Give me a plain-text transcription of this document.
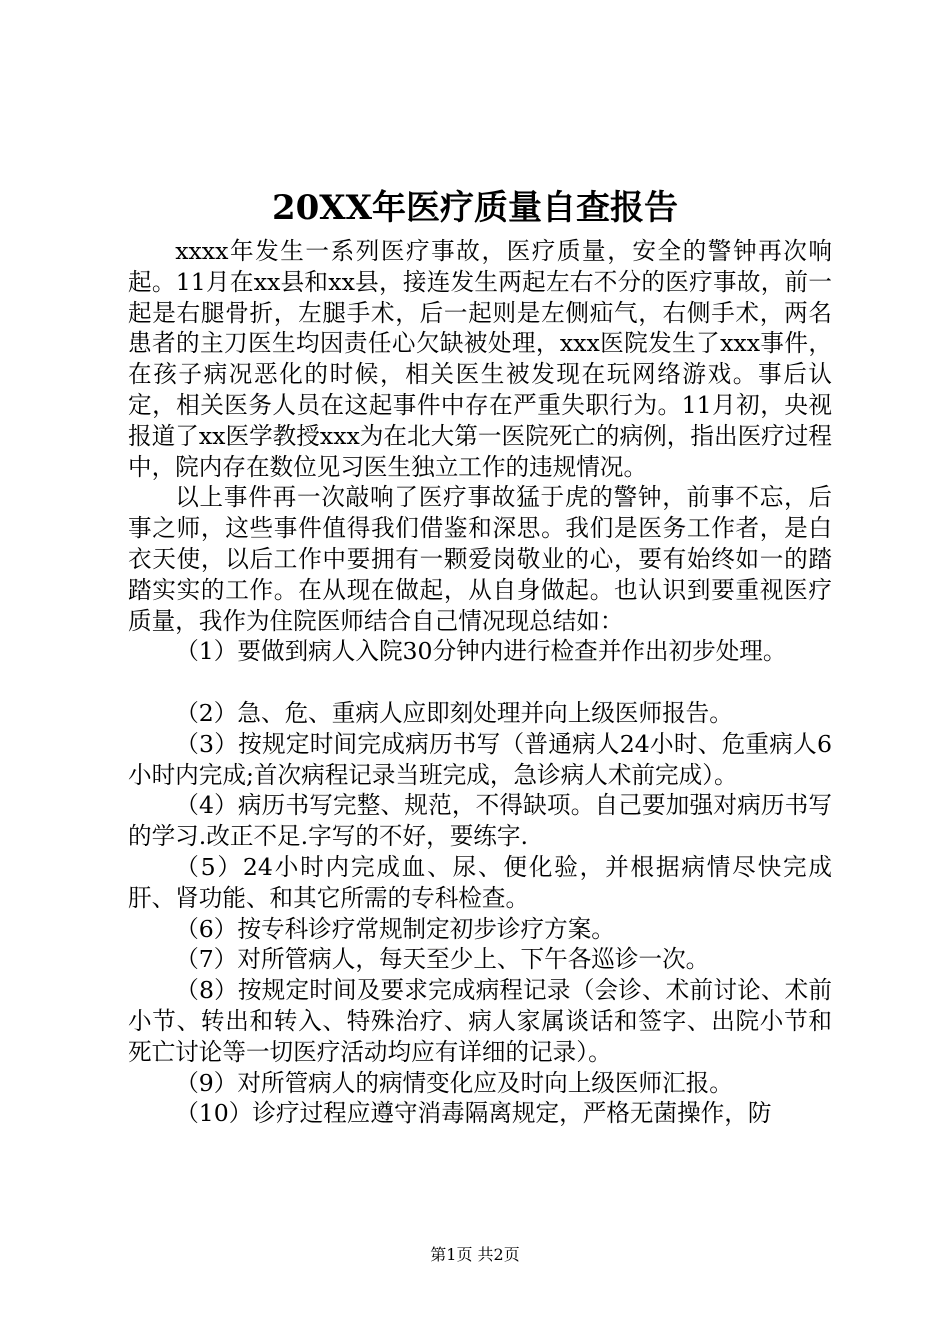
20XX年医疗质量自查报告

xxxx年发生一系列医疗事故，医疗质量，安全的警钟再次响起。11月在xx县和xx县，接连发生两起左右不分的医疗事故，前一起是右腿骨折，左腿手术，后一起则是左侧疝气，右侧手术，两名患者的主刀医生均因责任心欠缺被处理，xxx医院发生了xxx事件，在孩子病况恶化的时候，相关医生被发现在玩网络游戏。事后认定，相关医务人员在这起事件中存在严重失职行为。11月初，央视报道了xx医学教授xxx为在北大第一医院死亡的病例，指出医疗过程中，院内存在数位见习医生独立工作的违规情况。

以上事件再一次敲响了医疗事故猛于虎的警钟，前事不忘，后事之师，这些事件值得我们借鉴和深思。我们是医务工作者，是白衣天使，以后工作中要拥有一颗爱岗敬业的心，要有始终如一的踏踏实实的工作。在从现在做起，从自身做起。也认识到要重视医疗质量，我作为住院医师结合自己情况现总结如：

（1）要做到病人入院30分钟内进行检查并作出初步处理。

（2）急、危、重病人应即刻处理并向上级医师报告。

（3）按规定时间完成病历书写（普通病人24小时、危重病人6小时内完成;首次病程记录当班完成，急诊病人术前完成）。

（4）病历书写完整、规范，不得缺项。自己要加强对病历书写的学习.改正不足.字写的不好，要练字.

（5）24小时内完成血、尿、便化验，并根据病情尽快完成肝、肾功能、和其它所需的专科检查。

（6）按专科诊疗常规制定初步诊疗方案。

（7）对所管病人，每天至少上、下午各巡诊一次。

（8）按规定时间及要求完成病程记录（会诊、术前讨论、术前小节、转出和转入、特殊治疗、病人家属谈话和签字、出院小节和死亡讨论等一切医疗活动均应有详细的记录）。

（9）对所管病人的病情变化应及时向上级医师汇报。

（10）诊疗过程应遵守消毒隔离规定，严格无菌操作，防

第1页 共2页
